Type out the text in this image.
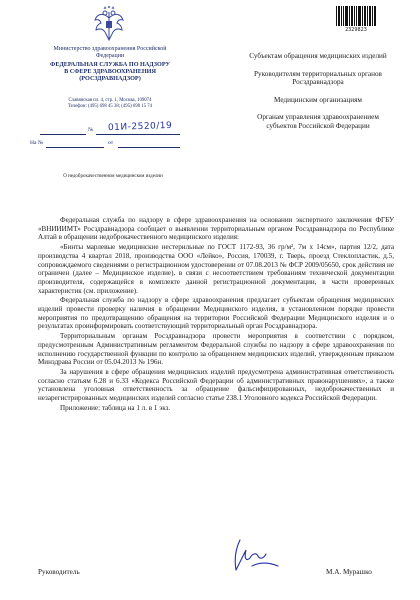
Министерство здравоохранения Российской Федерации
ФЕДЕРАЛЬНАЯ СЛУЖБА ПО НАДЗОРУ
В СФЕРЕ ЗДРАВООХРАНЕНИЯ
(РОСЗДРАВНАДЗОР)
Славянская пл. 4, стр. 1, Москва, 109074
Телефон: (495) 698 45 38; (495) 698 15 74
№ 01И-2520/19
На №	от
О недоброкачественном медицинском изделии
2329823
Субъектам обращения медицинских изделий
Руководителям территориальных органов Росздравнадзора
Медицинским организациям
Органам управления здравоохранением субъектов Российской Федерации

Федеральная служба по надзору в сфере здравоохранения на основании экспертного заключения ФГБУ «ВНИИИМТ» Росздравнадзора сообщает о выявлении территориальным органом Росздравнадзора по Республике Алтай в обращении недоброкачественного медицинского изделия:

«Бинты марлевые медицинские нестерильные по ГОСТ 1172-93, 36 гр/м², 7м х 14см», партия 12/2, дата производства 4 квартал 2018, производства ООО «Лейко», Россия, 170039, г. Тверь, проезд Стеклопластик, д.5, сопровождаемого сведениями о регистрационном удостоверении от 07.08.2013 № ФСР 2009/05650, срок действия не ограничен (далее – Медицинское изделие), в связи с несоответствием требованиям технической документации производителя, содержащейся в комплекте данной регистрационной документации, в части проверенных характеристик (см. приложение).

Федеральная служба по надзору в сфере здравоохранения предлагает субъектам обращения медицинских изделий провести проверку наличия в обращении Медицинского изделия, в установленном порядке провести мероприятия по предотвращению обращения на территории Российской Федерации Медицинского изделия и о результатах проинформировать соответствующий территориальный орган Росздравнадзора.

Территориальным органам Росздравнадзора провести мероприятия в соответствии с порядком, предусмотренным Административным регламентом Федеральной службы по надзору в сфере здравоохранения по исполнению государственной функции по контролю за обращением медицинских изделий, утвержденным приказом Минздрава России от 05.04.2013 № 196н.

За нарушения в сфере обращения медицинских изделий предусмотрена административная ответственность согласно статьям 6.28 и 6.33 «Кодекса Российской Федерации об административных правонарушениях», а также установлена уголовная ответственность за обращение фальсифицированных, недоброкачественных и незарегистрированных медицинских изделий согласно статье 238.1 Уголовного кодекса Российской Федерации.

Приложение: таблица на 1 л. в 1 экз.

Руководитель	М.А. Мурашко
